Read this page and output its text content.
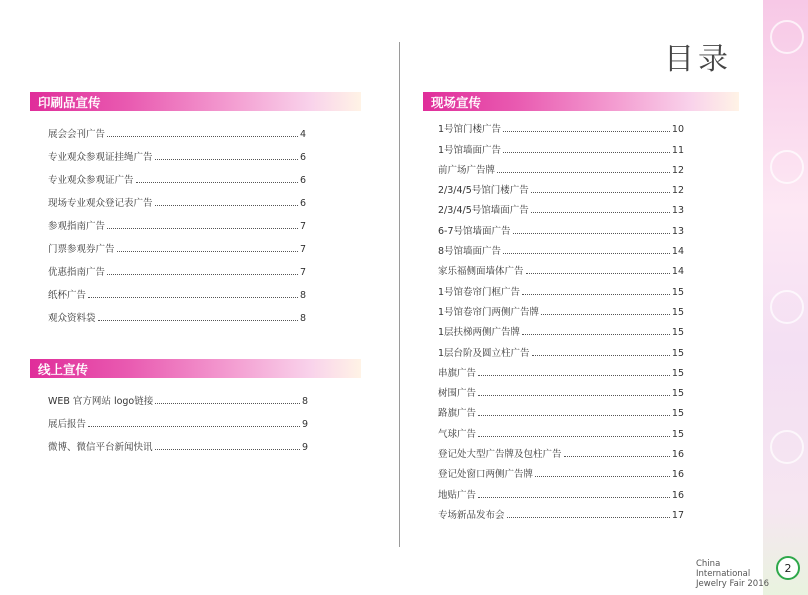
目录
印刷品宣传
展会会刊广告	4
专业观众参观证挂绳广告	6
专业观众参观证广告	6
现场专业观众登记表广告	6
参观指南广告	7
门票参观券广告	7
优惠指南广告	7
纸杯广告	8
观众资料袋	8
线上宣传
WEB 官方网站 logo链接	8
展后报告	9
微博、微信平台新闻快讯	9
现场宣传
1号馆门楼广告	10
1号馆墙面广告	11
前广场广告牌	12
2/3/4/5号馆门楼广告	12
2/3/4/5号馆墙面广告	13
6-7号馆墙面广告	13
8号馆墙面广告	14
家乐福侧面墙体广告	14
1号馆卷帘门框广告	15
1号馆卷帘门两侧广告牌	15
1层扶梯两侧广告牌	15
1层台阶及圆立柱广告	15
串旗广告	15
树围广告	15
路旗广告	15
气球广告	15
登记处大型广告牌及包柱广告	16
登记处窗口两侧广告牌	16
地贴广告	16
专场新品发布会	17
China
International
Jewelry Fair 2016
2
